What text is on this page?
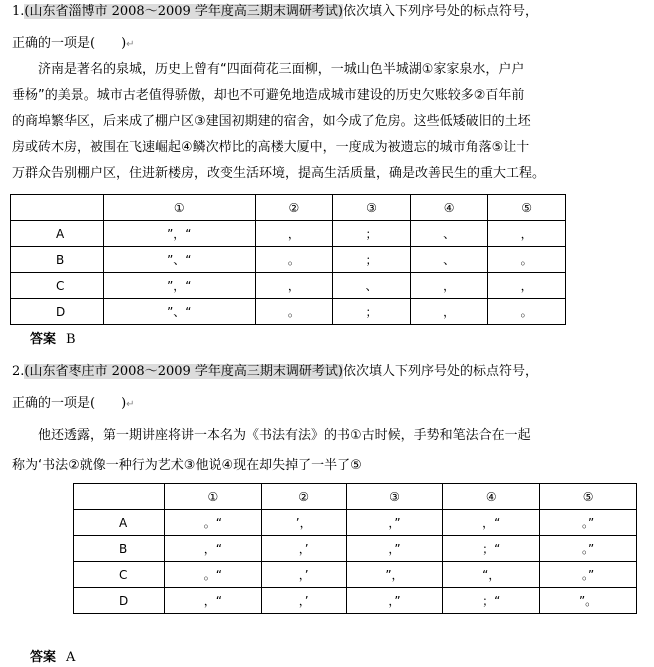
1.(山东省淄博市 2008～2009 学年度高三期末调研考试)依次填入下列序号处的标点符号，
正确的一项是(　　)↵
济南是著名的泉城，历史上曾有“四面荷花三面柳，一城山色半城湖①家家泉水，户户
垂杨”的美景。城市古老值得骄傲，却也不可避免地造成城市建设的历史欠账较多②百年前
的商埠繁华区，后来成了棚户区③建国初期建的宿舍，如今成了危房。这些低矮破旧的土坯
房或砖木房，被围在飞速崛起④鳞次栉比的高楼大厦中，一度成为被遗忘的城市角落⑤让十
万群众告别棚户区，住进新楼房，改变生活环境，提高生活质量，确是改善民生的重大工程。
	①	②	③	④	⑤
A	”，“	，	；	、	，
B	”、“	。	；	、	。
C	”，“	，	、	，	，
D	”、“	。	；	，	。
答案 B
2.(山东省枣庄市 2008～2009 学年度高三期末调研考试)依次填人下列序号处的标点符号，
正确的一项是(　　)↵
他还透露，第一期讲座将讲一本名为《书法有法》的书①古时候，手势和笔法合在一起
称为‘书法②就像一种行为艺术③他说④现在却失掉了一半了⑤
	①	②	③	④	⑤
A	。“	’，	，”	，“	。”
B	，“	，’	，”	；“	。”
C	。“	，’	”，	“，	。”
D	，“	，’	，”	；“	”。
答案 A
